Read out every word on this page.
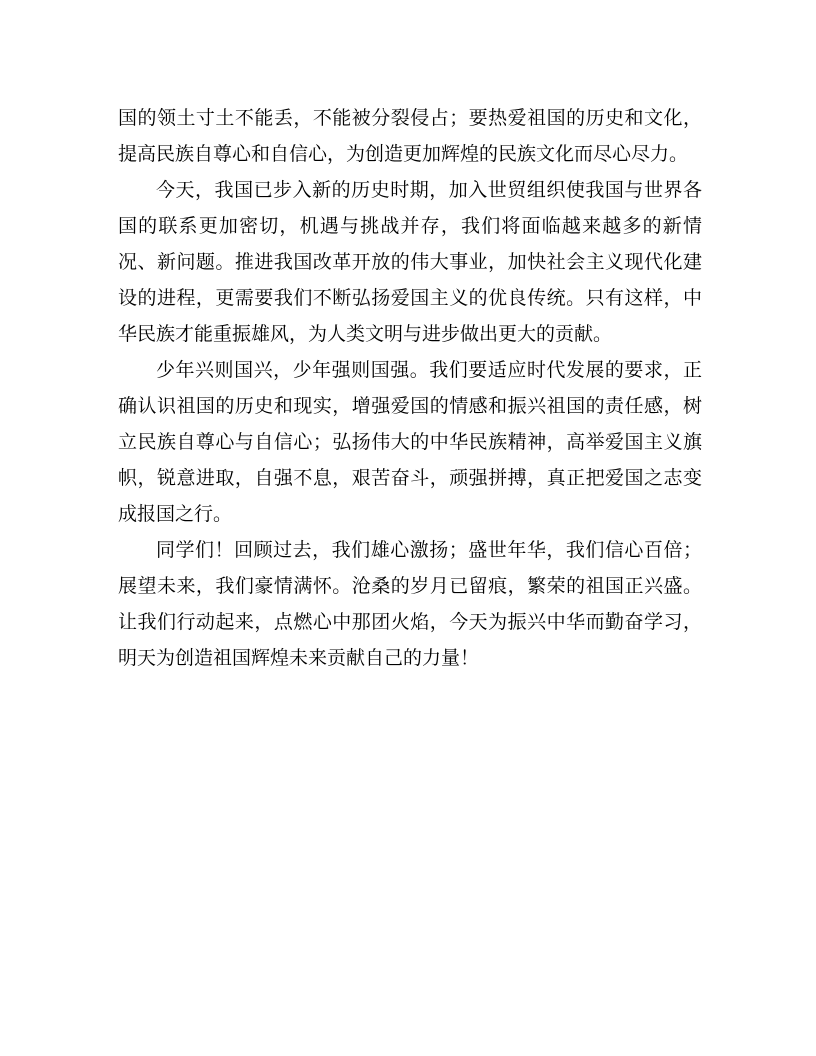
国的领土寸土不能丢，不能被分裂侵占；要热爱祖国的历史和文化，提高民族自尊心和自信心，为创造更加辉煌的民族文化而尽心尽力。

今天，我国已步入新的历史时期，加入世贸组织使我国与世界各国的联系更加密切，机遇与挑战并存，我们将面临越来越多的新情况、新问题。推进我国改革开放的伟大事业，加快社会主义现代化建设的进程，更需要我们不断弘扬爱国主义的优良传统。只有这样，中华民族才能重振雄风，为人类文明与进步做出更大的贡献。

少年兴则国兴，少年强则国强。我们要适应时代发展的要求，正确认识祖国的历史和现实，增强爱国的情感和振兴祖国的责任感，树立民族自尊心与自信心；弘扬伟大的中华民族精神，高举爱国主义旗帜，锐意进取，自强不息，艰苦奋斗，顽强拼搏，真正把爱国之志变成报国之行。

同学们！回顾过去，我们雄心激扬；盛世年华，我们信心百倍；展望未来，我们豪情满怀。沧桑的岁月已留痕，繁荣的祖国正兴盛。让我们行动起来，点燃心中那团火焰，今天为振兴中华而勤奋学习，明天为创造祖国辉煌未来贡献自己的力量！
